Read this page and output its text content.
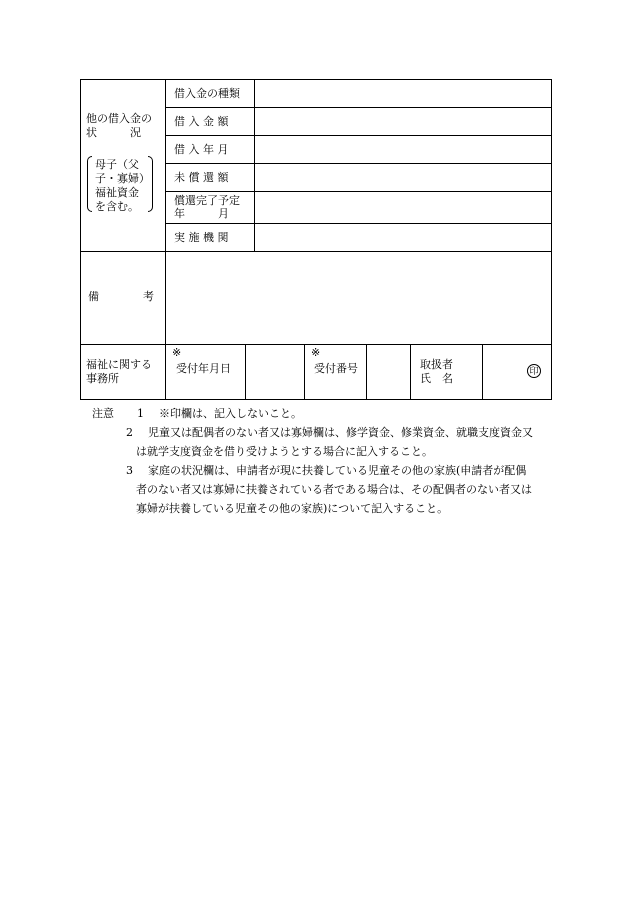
他の借入金の
状　　　況
母子（父
子・寡婦）
福祉資金
を含む。
借入金の種類
借 入 金 額
借 入 年 月
未 償 還 額
償還完了予定
年　　　月
実 施 機 関
備　　　　考
福祉に関する
事務所
※
受付年月日
※
受付番号	取扱者
氏　名	印
注意 1 ※印欄は、記入しないこと。
2 児童又は配偶者のない者又は寡婦欄は、修学資金、修業資金、就職支度資金又
は就学支度資金を借り受けようとする場合に記入すること。
3 家庭の状況欄は、申請者が現に扶養している児童その他の家族(申請者が配偶
者のない者又は寡婦に扶養されている者である場合は、その配偶者のない者又は
寡婦が扶養している児童その他の家族)について記入すること。
